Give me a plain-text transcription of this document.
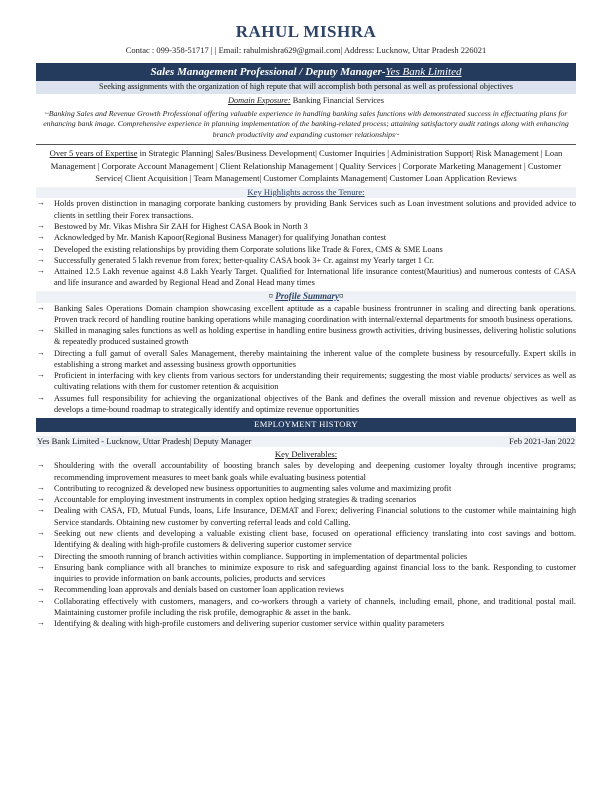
RAHUL MISHRA
Contac : 099-358-51717 | | Email: rahulmishra629@gmail.com| Address: Lucknow, Uttar Pradesh 226021
Sales Management Professional / Deputy Manager-Yes Bank Limited
Seeking assignments with the organization of high repute that will accomplish both personal as well as professional objectives
Domain Exposure: Banking Financial Services
~Banking Sales and Revenue Growth Professional offering valuable experience in handling banking sales functions with demonstrated success in effectuating plans for enhancing bank image. Comprehensive experience in planning implementation of the banking-related process; attaining satisfactory audit ratings along with enhancing branch productivity and expanding customer relationships~
Over 5 years of Expertise in Strategic Planning| Sales/Business Development| Customer Inquiries | Administration Support| Risk Management | Loan Management | Corporate Account Management | Client Relationship Management | Quality Services | Corporate Marketing Management | Customer Service| Client Acquisition | Team Management| Customer Complaints Management| Customer Loan Application Reviews
Key Highlights across the Tenure:
→ Holds proven distinction in managing corporate banking customers by providing Bank Services such as Loan investment solutions and provided advice to clients in settling their Forex transactions.
→ Bestowed by Mr. Vikas Mishra Sir ZAH for Highest CASA Book in North 3
→ Acknowledged by Mr. Manish Kapoor(Regional Business Manager) for qualifying Jonathan contest
→ Developed the existing relationships by providing them Corporate solutions like Trade & Forex, CMS & SME Loans
→ Successfully generated 5 lakh revenue from forex; better-quality CASA book 3+ Cr. against my Yearly target 1 Cr.
→ Attained 12.5 Lakh revenue against 4.8 Lakh Yearly Target. Qualified for International life insurance contest(Mauritius) and numerous contests of CASA and life insurance and awarded by Regional Head and Zonal Head many times
¤ Profile Summary¤
→ Banking Sales Operations Domain champion showcasing excellent aptitude as a capable business frontrunner in scaling and directing bank operations. Proven track record of handling routine banking operations while managing coordination with internal/external departments for smooth business operations.
→ Skilled in managing sales functions as well as holding expertise in handling entire business growth activities, driving businesses, delivering holistic solutions & repeatedly produced sustained growth
→ Directing a full gamut of overall Sales Management, thereby maintaining the inherent value of the complete business by resourcefully. Expert skills in establishing a strong market and assessing business growth opportunities
→ Proficient in interfacing with key clients from various sectors for understanding their requirements; suggesting the most viable products/ services as well as cultivating relations with them for customer retention & acquisition
→ Assumes full responsibility for achieving the organizational objectives of the Bank and defines the overall mission and revenue objectives as well as develops a time-bound roadmap to strategically identify and optimize revenue opportunities
EMPLOYMENT HISTORY
Yes Bank Limited - Lucknow, Uttar Pradesh| Deputy Manager	Feb 2021-Jan 2022
Key Deliverables:
→ Shouldering with the overall accountability of boosting branch sales by developing and deepening customer loyalty through incentive programs; recommending improvement measures to meet bank goals while evaluating business potential
→ Contributing to recognized & developed new business opportunities to augmenting sales volume and maximizing profit
→ Accountable for employing investment instruments in complex option hedging strategies & trading scenarios
→ Dealing with CASA, FD, Mutual Funds, loans, Life Insurance, DEMAT and Forex; delivering Financial solutions to the customer while maintaining high Service standards. Obtaining new customer by converting referral leads and cold Calling.
→ Seeking out new clients and developing a valuable existing client base, focused on operational efficiency translating into cost savings and bottom. Identifying & dealing with high-profile customers & delivering superior customer service
→ Directing the smooth running of branch activities within compliance. Supporting in implementation of departmental policies
→ Ensuring bank compliance with all branches to minimize exposure to risk and safeguarding against financial loss to the bank. Responding to customer inquiries to provide information on bank accounts, policies, products and services
→ Recommending loan approvals and denials based on customer loan application reviews
→ Collaborating effectively with customers, managers, and co-workers through a variety of channels, including email, phone, and traditional postal mail. Maintaining customer profile including the risk profile, demographic & asset in the bank.
→ Identifying & dealing with high-profile customers and delivering superior customer service within quality parameters
